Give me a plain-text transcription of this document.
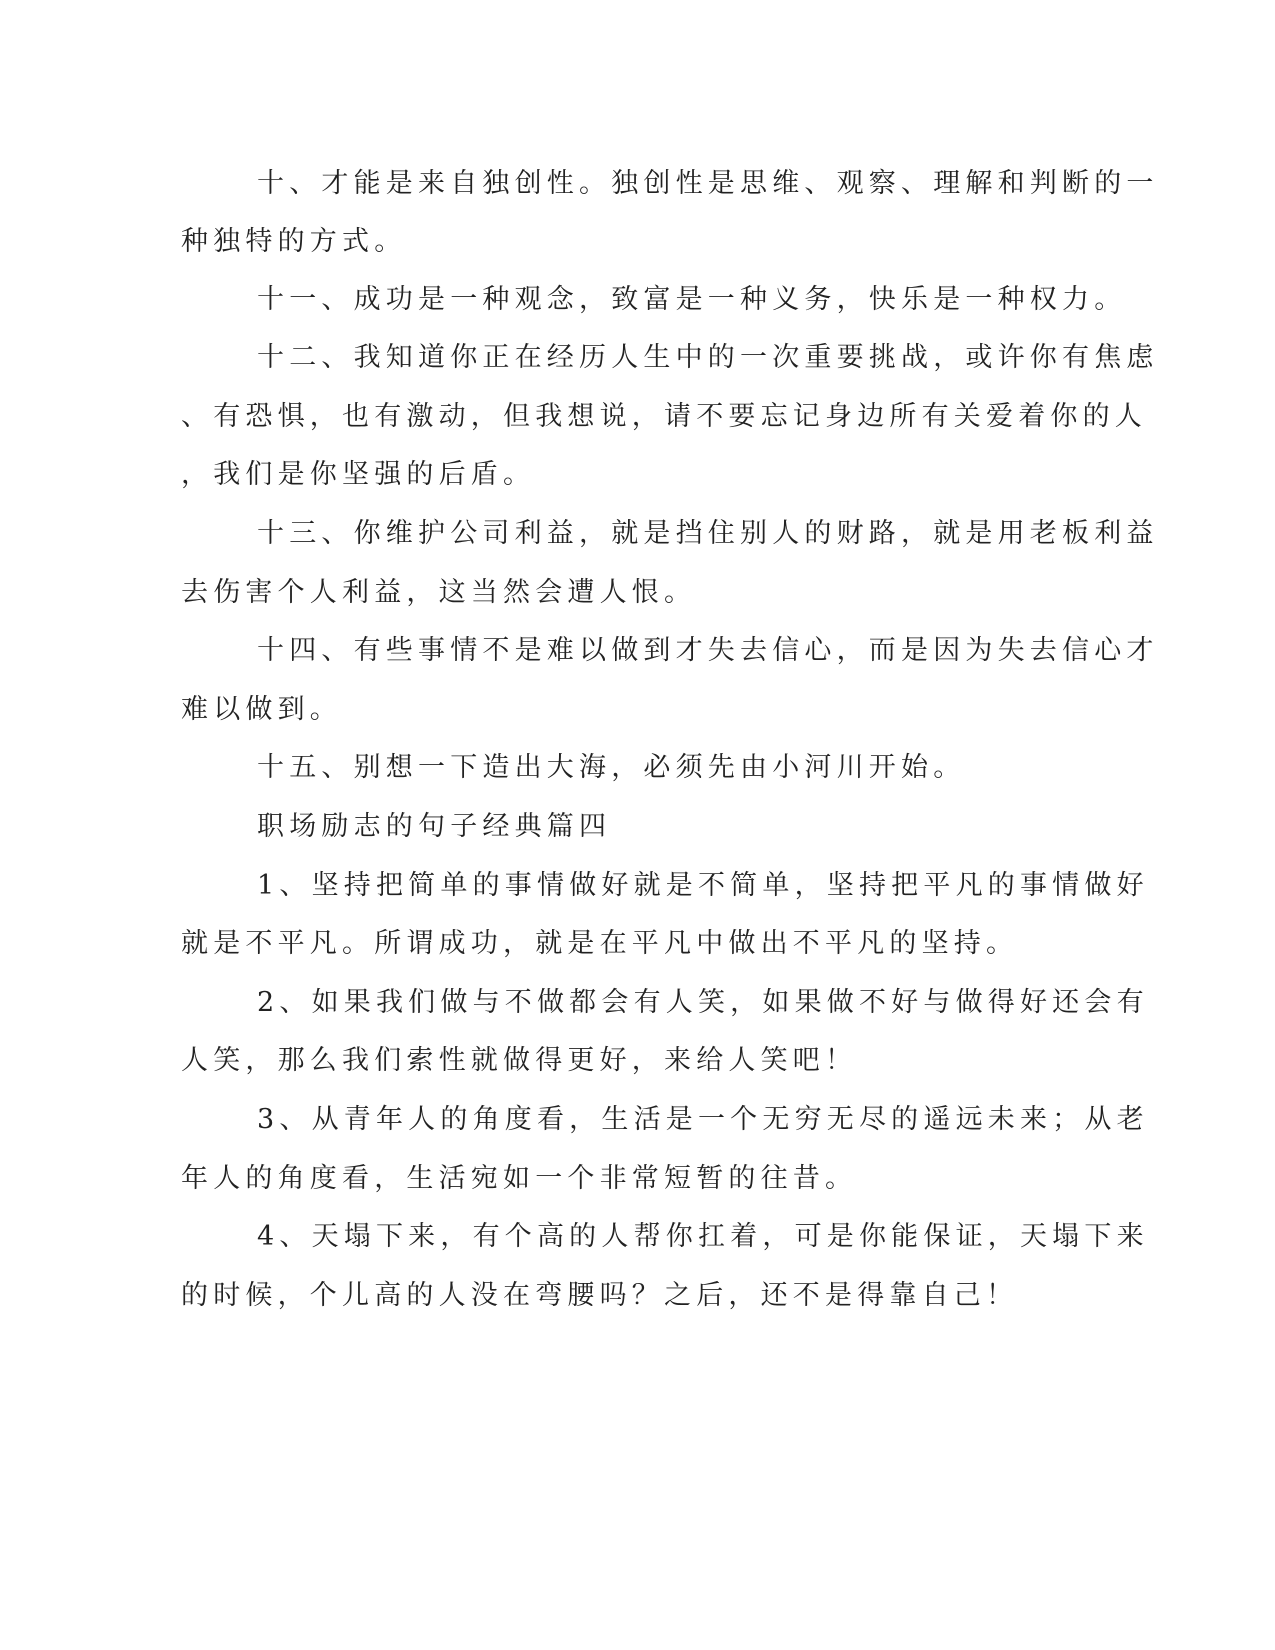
十、才能是来自独创性。独创性是思维、观察、理解和判断的一
种独特的方式。
十一、成功是一种观念，致富是一种义务，快乐是一种权力。
十二、我知道你正在经历人生中的一次重要挑战，或许你有焦虑
、有恐惧，也有激动，但我想说，请不要忘记身边所有关爱着你的人
，我们是你坚强的后盾。
十三、你维护公司利益，就是挡住别人的财路，就是用老板利益
去伤害个人利益，这当然会遭人恨。
十四、有些事情不是难以做到才失去信心，而是因为失去信心才
难以做到。
十五、别想一下造出大海，必须先由小河川开始。
职场励志的句子经典篇四
1、坚持把简单的事情做好就是不简单，坚持把平凡的事情做好
就是不平凡。所谓成功，就是在平凡中做出不平凡的坚持。
2、如果我们做与不做都会有人笑，如果做不好与做得好还会有
人笑，那么我们索性就做得更好，来给人笑吧！
3、从青年人的角度看，生活是一个无穷无尽的遥远未来；从老
年人的角度看，生活宛如一个非常短暂的往昔。
4、天塌下来，有个高的人帮你扛着，可是你能保证，天塌下来
的时候，个儿高的人没在弯腰吗？之后，还不是得靠自己！
